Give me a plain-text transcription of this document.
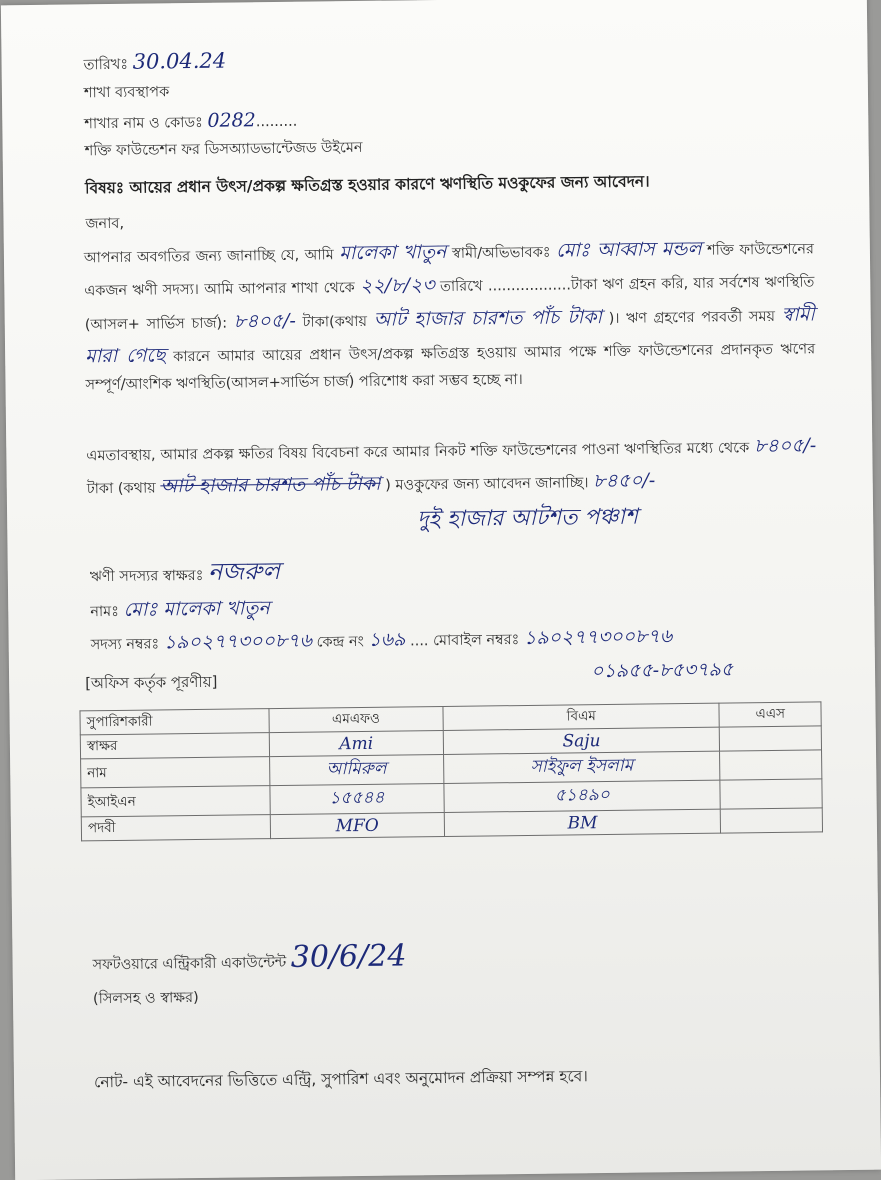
তারিখঃ 30.04.24
শাখা ব্যবস্থাপক
শাখার নাম ও কোডঃ 0282.........
শক্তি ফাউন্ডেশন ফর ডিসঅ্যাডভান্টেজড উইমেন
বিষয়ঃ আয়ের প্রধান উৎস/প্রকল্প ক্ষতিগ্রস্ত হওয়ার কারণে ঋণস্থিতি মওকুফের জন্য আবেদন।
জনাব,
আপনার অবগতির জন্য জানাচ্ছি যে, আমি মালেকা খাতুন স্বামী/অভিভাবকঃ মোঃ আব্বাস মন্ডল শক্তি ফাউন্ডেশনের একজন ঋণী সদস্য। আমি আপনার শাখা থেকে ২২/৮/২৩ তারিখে ..................টাকা ঋণ গ্রহন করি, যার সর্বশেষ ঋণস্থিতি (আসল+ সার্ভিস চার্জ): ৮৪০৫/- টাকা(কথায় আট হাজার চারশত পাঁচ টাকা )। ঋণ গ্রহণের পরবর্তী সময় স্বামী মারা গেছে কারনে আমার আয়ের প্রধান উৎস/প্রকল্প ক্ষতিগ্রস্ত হওয়ায় আমার পক্ষে শক্তি ফাউন্ডেশনের প্রদানকৃত ঋণের সম্পূর্ণ/আংশিক ঋণস্থিতি(আসল+সার্ভিস চার্জ) পরিশোধ করা সম্ভব হচ্ছে না।
এমতাবস্থায়, আমার প্রকল্প ক্ষতির বিষয় বিবেচনা করে আমার নিকট শক্তি ফাউন্ডেশনের পাওনা ঋণস্থিতির মধ্যে থেকে ৮৪০৫/- টাকা (কথায় আট হাজার চারশত পাঁচ টাকা ) মওকুফের জন্য আবেদন জানাচ্ছি। ৮৪৫০/-
দুই হাজার আটশত পঞ্চাশ
ঋণী সদস্যর স্বাক্ষরঃ নজরুল
নামঃ মোঃ মালেকা খাতুন
সদস্য নম্বরঃ ১৯০২৭৭৩০০৮৭৬ কেন্দ্র নং ১৬৯ .... মোবাইল নম্বরঃ ১৯০২৭৭৩০০৮৭৬
০১৯৫৫-৮৫৩৭৯৫
[অফিস কর্তৃক পূরণীয়]
সুপারিশকারী	এমএফও	বিএম	এএস
স্বাক্ষর	Ami	Saju	
নাম	আমিরুল	সাইফুল ইসলাম	
ইআইএন	১৫৫৪৪	৫১৪৯০	
পদবী	MFO	BM	
সফটওয়ারে এন্ট্রিকারী একাউন্টেন্ট 30/6/24
(সিলসহ ও স্বাক্ষর)
নোট- এই আবেদনের ভিত্তিতে এন্ট্রি, সুপারিশ এবং অনুমোদন প্রক্রিয়া সম্পন্ন হবে।
